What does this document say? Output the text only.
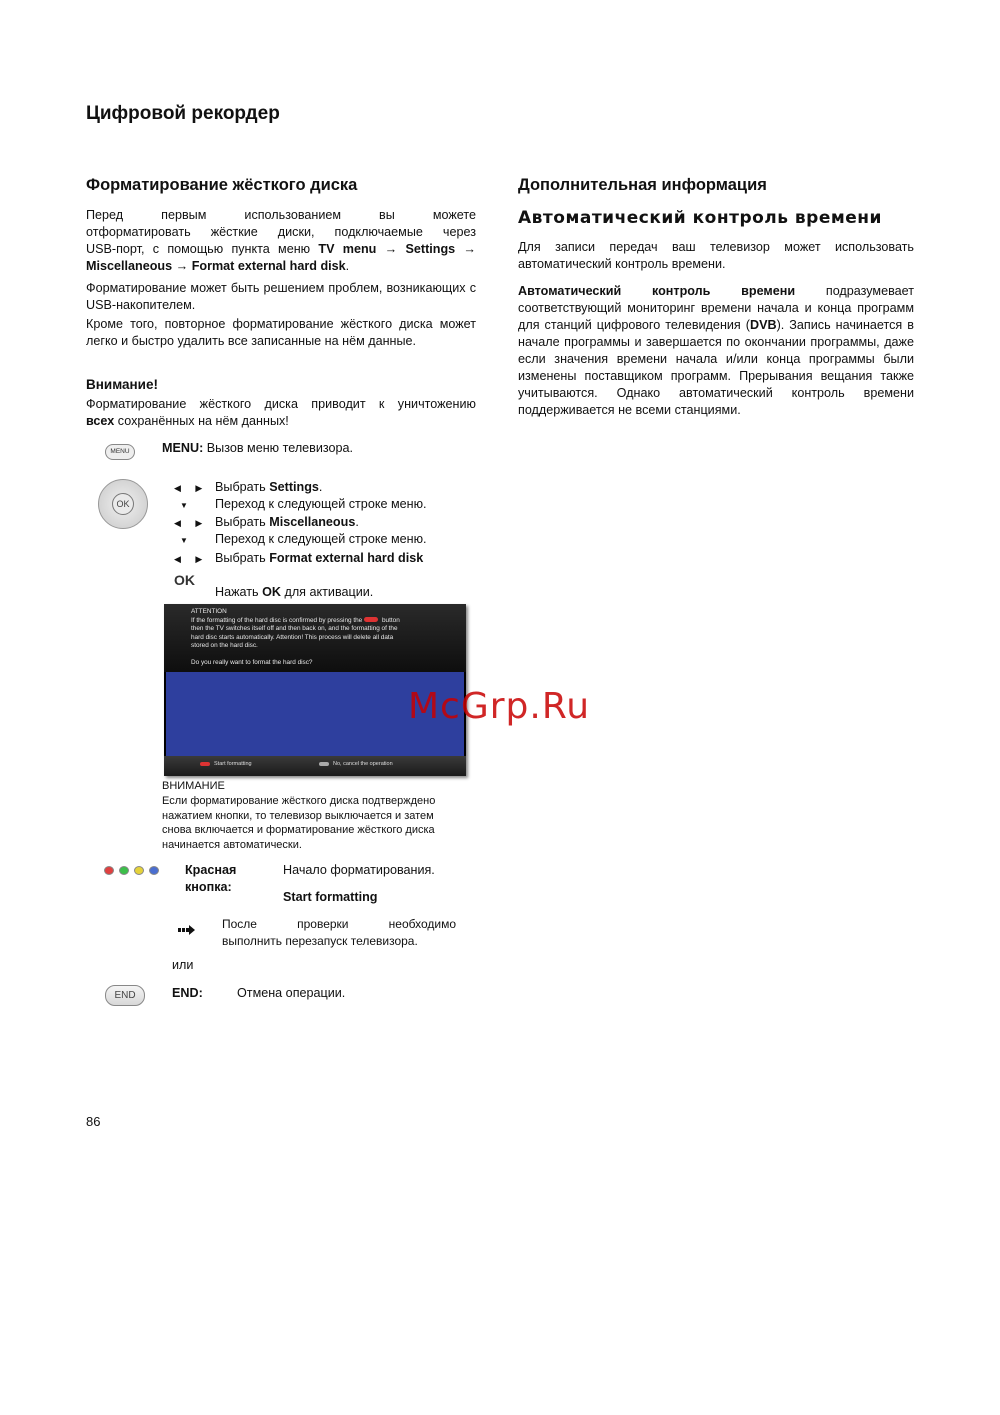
Цифровой рекордер
Форматирование жёсткого диска
Перед первым использованием вы можете
отформатировать жёсткие диски, подключаемые через
USB-порт, с помощью пункта меню TV menu → Settings →
Miscellaneous → Format external hard disk.
Форматирование может быть решением проблем, возникающих с USB-накопителем.
Кроме того, повторное форматирование жёсткого диска может легко и быстро удалить все записанные на нём данные.
Внимание!
Форматирование жёсткого диска приводит к уничтожению
всех сохранённых на нём данных!
MENU	MENU: Вызов меню телевизора.
OK
◀ ▶ Выбрать Settings.
▼ Переход к следующей строке меню.
◀ ▶ Выбрать Miscellaneous.
▼ Переход к следующей строке меню.
◀ ▶ Выбрать Format external hard disk
OK
Нажать OK для активации.
ATTENTION
If the formatting of the hard disc is confirmed by pressing the	button
then the TV switches itself off and then back on, and the formatting of the
hard disc starts automatically. Attention! This process will delete all data
stored on the hard disc.
Do you really want to format the hard disc?
Start formatting	No, cancel the operation
ВНИМАНИЕ
Если форматирование жёсткого диска подтверждено
нажатием кнопки, то телевизор выключается и затем
снова включается и форматирование жёсткого диска
начинается автоматически.
Красная
кнопка:
Начало форматирования.
Start formatting
После проверки необходимо
выполнить перезапуск телевизора.
или
END	END:	Отмена операции.
Дополнительная информация
Автоматический контроль времени
Для записи передач ваш телевизор может использовать автоматический контроль времени.
Автоматический контроль времени подразумевает соответствующий мониторинг времени начала и конца программ для станций цифрового телевидения (DVB). Запись начинается в начале программы и завершается по окончании программы, даже если значения времени начала и/или конца программы были изменены поставщиком программ. Прерывания вещания также учитываются. Однако автоматический контроль времени поддерживается не всеми станциями.
McGrp.Ru
86
